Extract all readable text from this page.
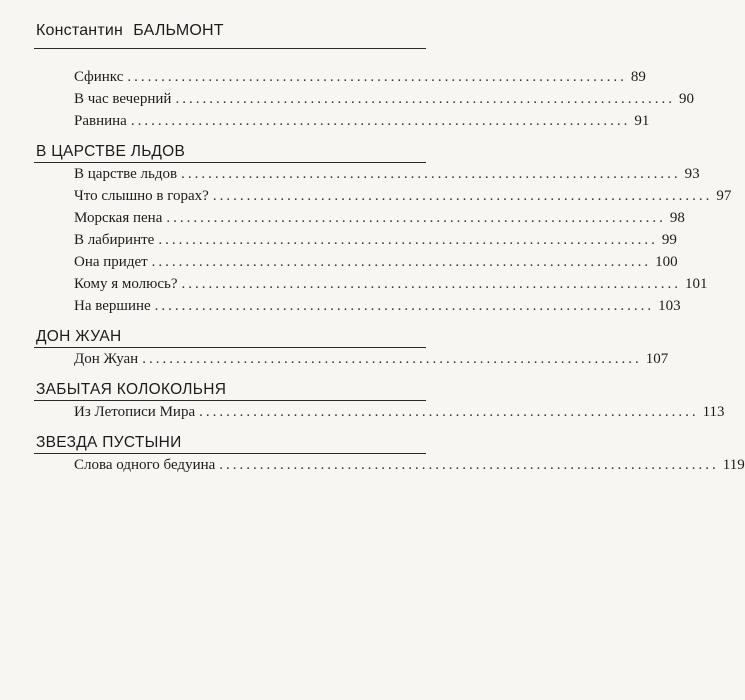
Константин БАЛЬМОНТ
Сфинкс .......................................................................... 89
В час вечерний .......................................................................... 90
Равнина .......................................................................... 91
В ЦАРСТВЕ ЛЬДОВ
В царстве льдов .......................................................................... 93
Что слышно в горах? .......................................................................... 97
Морская пена .......................................................................... 98
В лабиринте .......................................................................... 99
Она придет .......................................................................... 100
Кому я молюсь? .......................................................................... 101
На вершине .......................................................................... 103
ДОН ЖУАН
Дон Жуан .......................................................................... 107
ЗАБЫТАЯ КОЛОКОЛЬНЯ
Из Летописи Мира .......................................................................... 113
ЗВЕЗДА ПУСТЫНИ
Слова одного бедуина .......................................................................... 119
